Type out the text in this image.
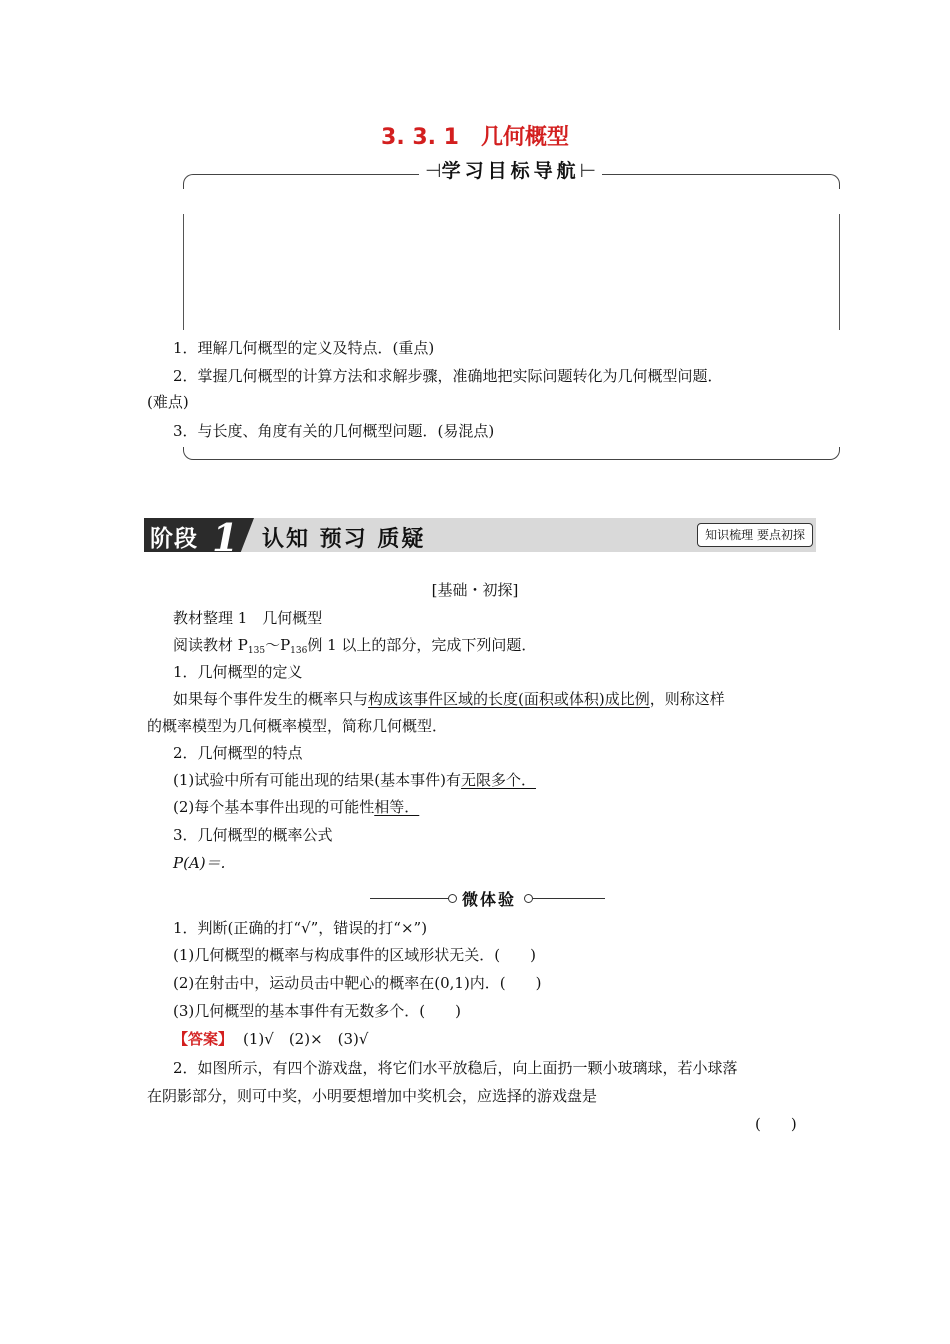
3. 3. 1　几何概型
⊣学习目标导航⊢
1．理解几何概型的定义及特点．(重点)
2．掌握几何概型的计算方法和求解步骤，准确地把实际问题转化为几何概型问题．
(难点)
3．与长度、角度有关的几何概型问题．(易混点)
阶段 1 认知 预习 质疑	知识梳理 要点初探
[基础・初探]
教材整理 1　几何概型
阅读教材 $P_{135}\sim P_{136}$例 1 以上的部分，完成下列问题．
1．几何概型的定义
如果每个事件发生的概率只与构成该事件区域的长度(面积或体积)成比例，则称这样
的概率模型为几何概率模型，简称几何概型．
2．几何概型的特点
(1)试验中所有可能出现的结果(基本事件)有无限多个．
(2)每个基本事件出现的可能性相等．
3．几何概型的概率公式
P(A)＝.
微体验
1．判断(正确的打“√”，错误的打“×”)
(1)几何概型的概率与构成事件的区域形状无关．(　　)
(2)在射击中，运动员击中靶心的概率在(0,1)内．(　　)
(3)几何概型的基本事件有无数多个．(　　)
【答案】 (1)√　(2)×　(3)√
2．如图所示，有四个游戏盘，将它们水平放稳后，向上面扔一颗小玻璃球，若小球落
在阴影部分，则可中奖，小明要想增加中奖机会，应选择的游戏盘是
(　　)
